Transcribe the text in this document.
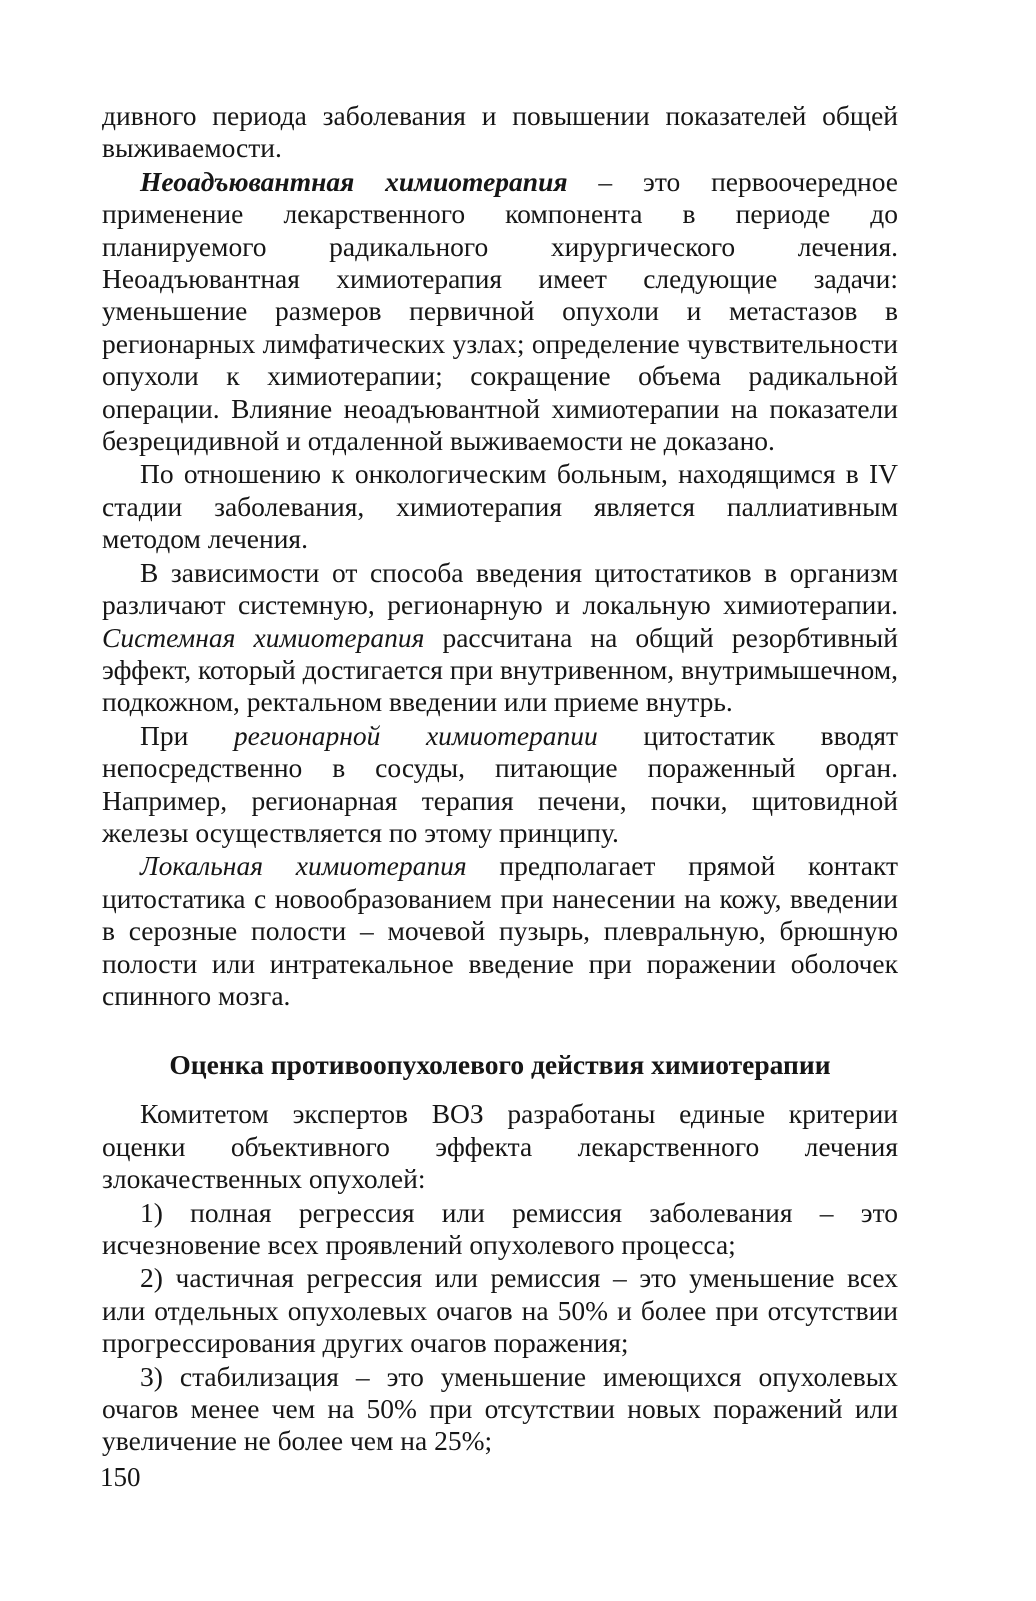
дивного периода заболевания и повышении показателей общей выживаемости.

Неоадъювантная химиотерапия – это первоочередное применение лекарственного компонента в периоде до планируемого радикального хирургического лечения. Неоадъювантная химиотерапия имеет следующие задачи: уменьшение размеров первичной опухоли и метастазов в регионарных лимфатических узлах; определение чувствительности опухоли к химиотерапии; сокращение объема радикальной операции. Влияние неоадъювантной химиотерапии на показатели безрецидивной и отдаленной выживаемости не доказано.

По отношению к онкологическим больным, находящимся в IV стадии заболевания, химиотерапия является паллиативным методом лечения.

В зависимости от способа введения цитостатиков в организм различают системную, регионарную и локальную химиотерапии. Системная химиотерапия рассчитана на общий резорбтивный эффект, который достигается при внутривенном, внутримышечном, подкожном, ректальном введении или приеме внутрь.

При регионарной химиотерапии цитостатик вводят непосредственно в сосуды, питающие пораженный орган. Например, регионарная терапия печени, почки, щитовидной железы осуществляется по этому принципу.

Локальная химиотерапия предполагает прямой контакт цитостатика с новообразованием при нанесении на кожу, введении в серозные полости – мочевой пузырь, плевральную, брюшную полости или интратекальное введение при поражении оболочек спинного мозга.

Оценка противоопухолевого действия химиотерапии

Комитетом экспертов ВОЗ разработаны единые критерии оценки объективного эффекта лекарственного лечения злокачественных опухолей:

1) полная регрессия или ремиссия заболевания – это исчезновение всех проявлений опухолевого процесса;

2) частичная регрессия или ремиссия – это уменьшение всех или отдельных опухолевых очагов на 50% и более при отсутствии прогрессирования других очагов поражения;

3) стабилизация – это уменьшение имеющихся опухолевых очагов менее чем на 50% при отсутствии новых поражений или увеличение не более чем на 25%;

150
